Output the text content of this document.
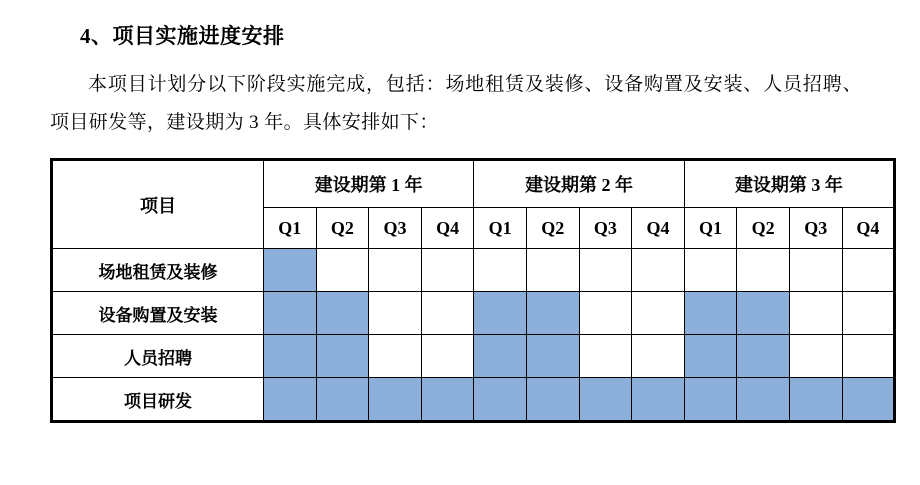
4、项目实施进度安排
本项目计划分以下阶段实施完成，包括：场地租赁及装修、设备购置及安装、人员招聘、项目研发等，建设期为 3 年。具体安排如下：
项目	建设期第 1 年				建设期第 2 年				建设期第 3 年			
	Q1	Q2	Q3	Q4	Q1	Q2	Q3	Q4	Q1	Q2	Q3	Q4
场地租赁及装修												
设备购置及安装												
人员招聘												
项目研发												
